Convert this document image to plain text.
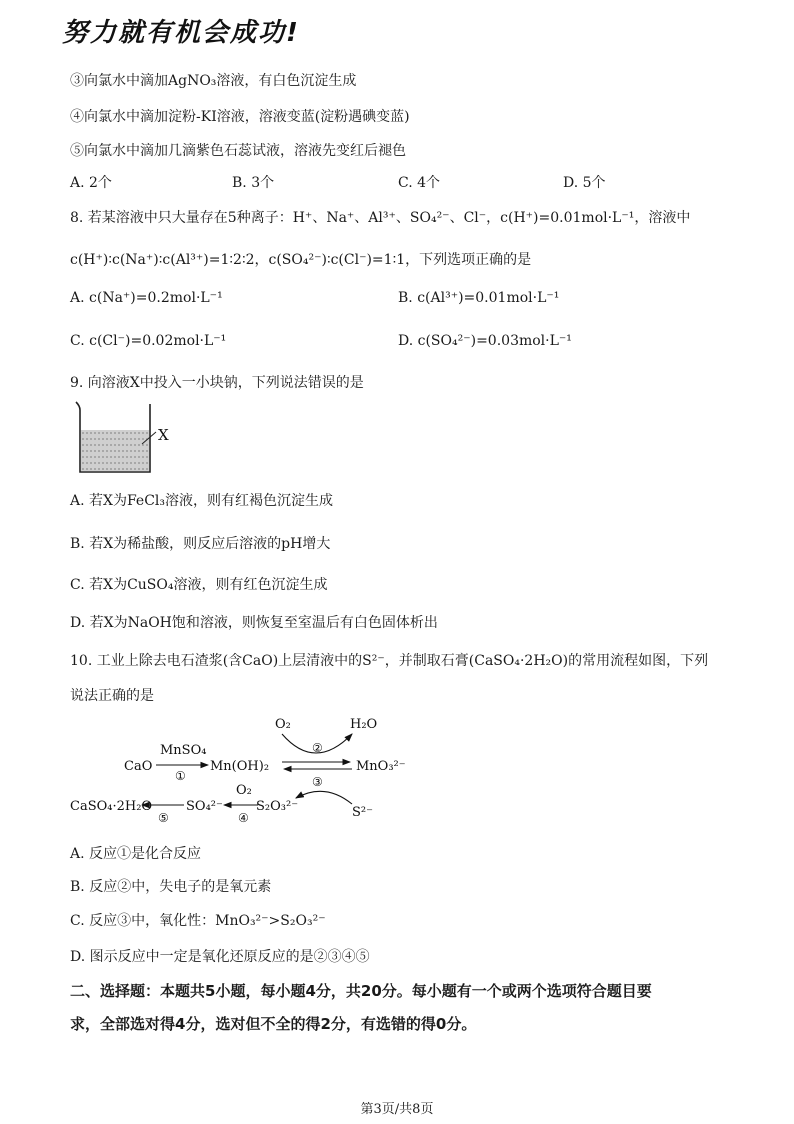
努力就有机会成功!
③向氯水中滴加AgNO₃溶液，有白色沉淀生成
④向氯水中滴加淀粉-KI溶液，溶液变蓝(淀粉遇碘变蓝)
⑤向氯水中滴加几滴紫色石蕊试液，溶液先变红后褪色
A. 2个	B. 3个	C. 4个	D. 5个
8. 若某溶液中只大量存在5种离子：H⁺、Na⁺、Al³⁺、SO₄²⁻、Cl⁻，c(H⁺)=0.01mol·L⁻¹，溶液中
c(H⁺)∶c(Na⁺)∶c(Al³⁺)=1∶2∶2，c(SO₄²⁻)∶c(Cl⁻)=1∶1，下列选项正确的是
A. c(Na⁺)=0.2mol·L⁻¹	B. c(Al³⁺)=0.01mol·L⁻¹
C. c(Cl⁻)=0.02mol·L⁻¹	D. c(SO₄²⁻)=0.03mol·L⁻¹
9. 向溶液X中投入一小块钠，下列说法错误的是
X
A. 若X为FeCl₃溶液，则有红褐色沉淀生成
B. 若X为稀盐酸，则反应后溶液的pH增大
C. 若X为CuSO₄溶液，则有红色沉淀生成
D. 若X为NaOH饱和溶液，则恢复至室温后有白色固体析出
10. 工业上除去电石渣浆(含CaO)上层清液中的S²⁻，并制取石膏(CaSO₄·2H₂O)的常用流程如图，下列
说法正确的是
O₂	H₂O
②
CaO
MnSO₄
①
Mn(OH)₂
③
MnO₃²⁻
S²⁻
S₂O₃²⁻
O₂
④
SO₄²⁻
⑤
CaSO₄·2H₂O
A. 反应①是化合反应
B. 反应②中，失电子的是氧元素
C. 反应③中，氧化性：MnO₃²⁻>S₂O₃²⁻
D. 图示反应中一定是氧化还原反应的是②③④⑤
二、选择题：本题共5小题，每小题4分，共20分。每小题有一个或两个选项符合题目要
求，全部选对得4分，选对但不全的得2分，有选错的得0分。
第3页/共8页
